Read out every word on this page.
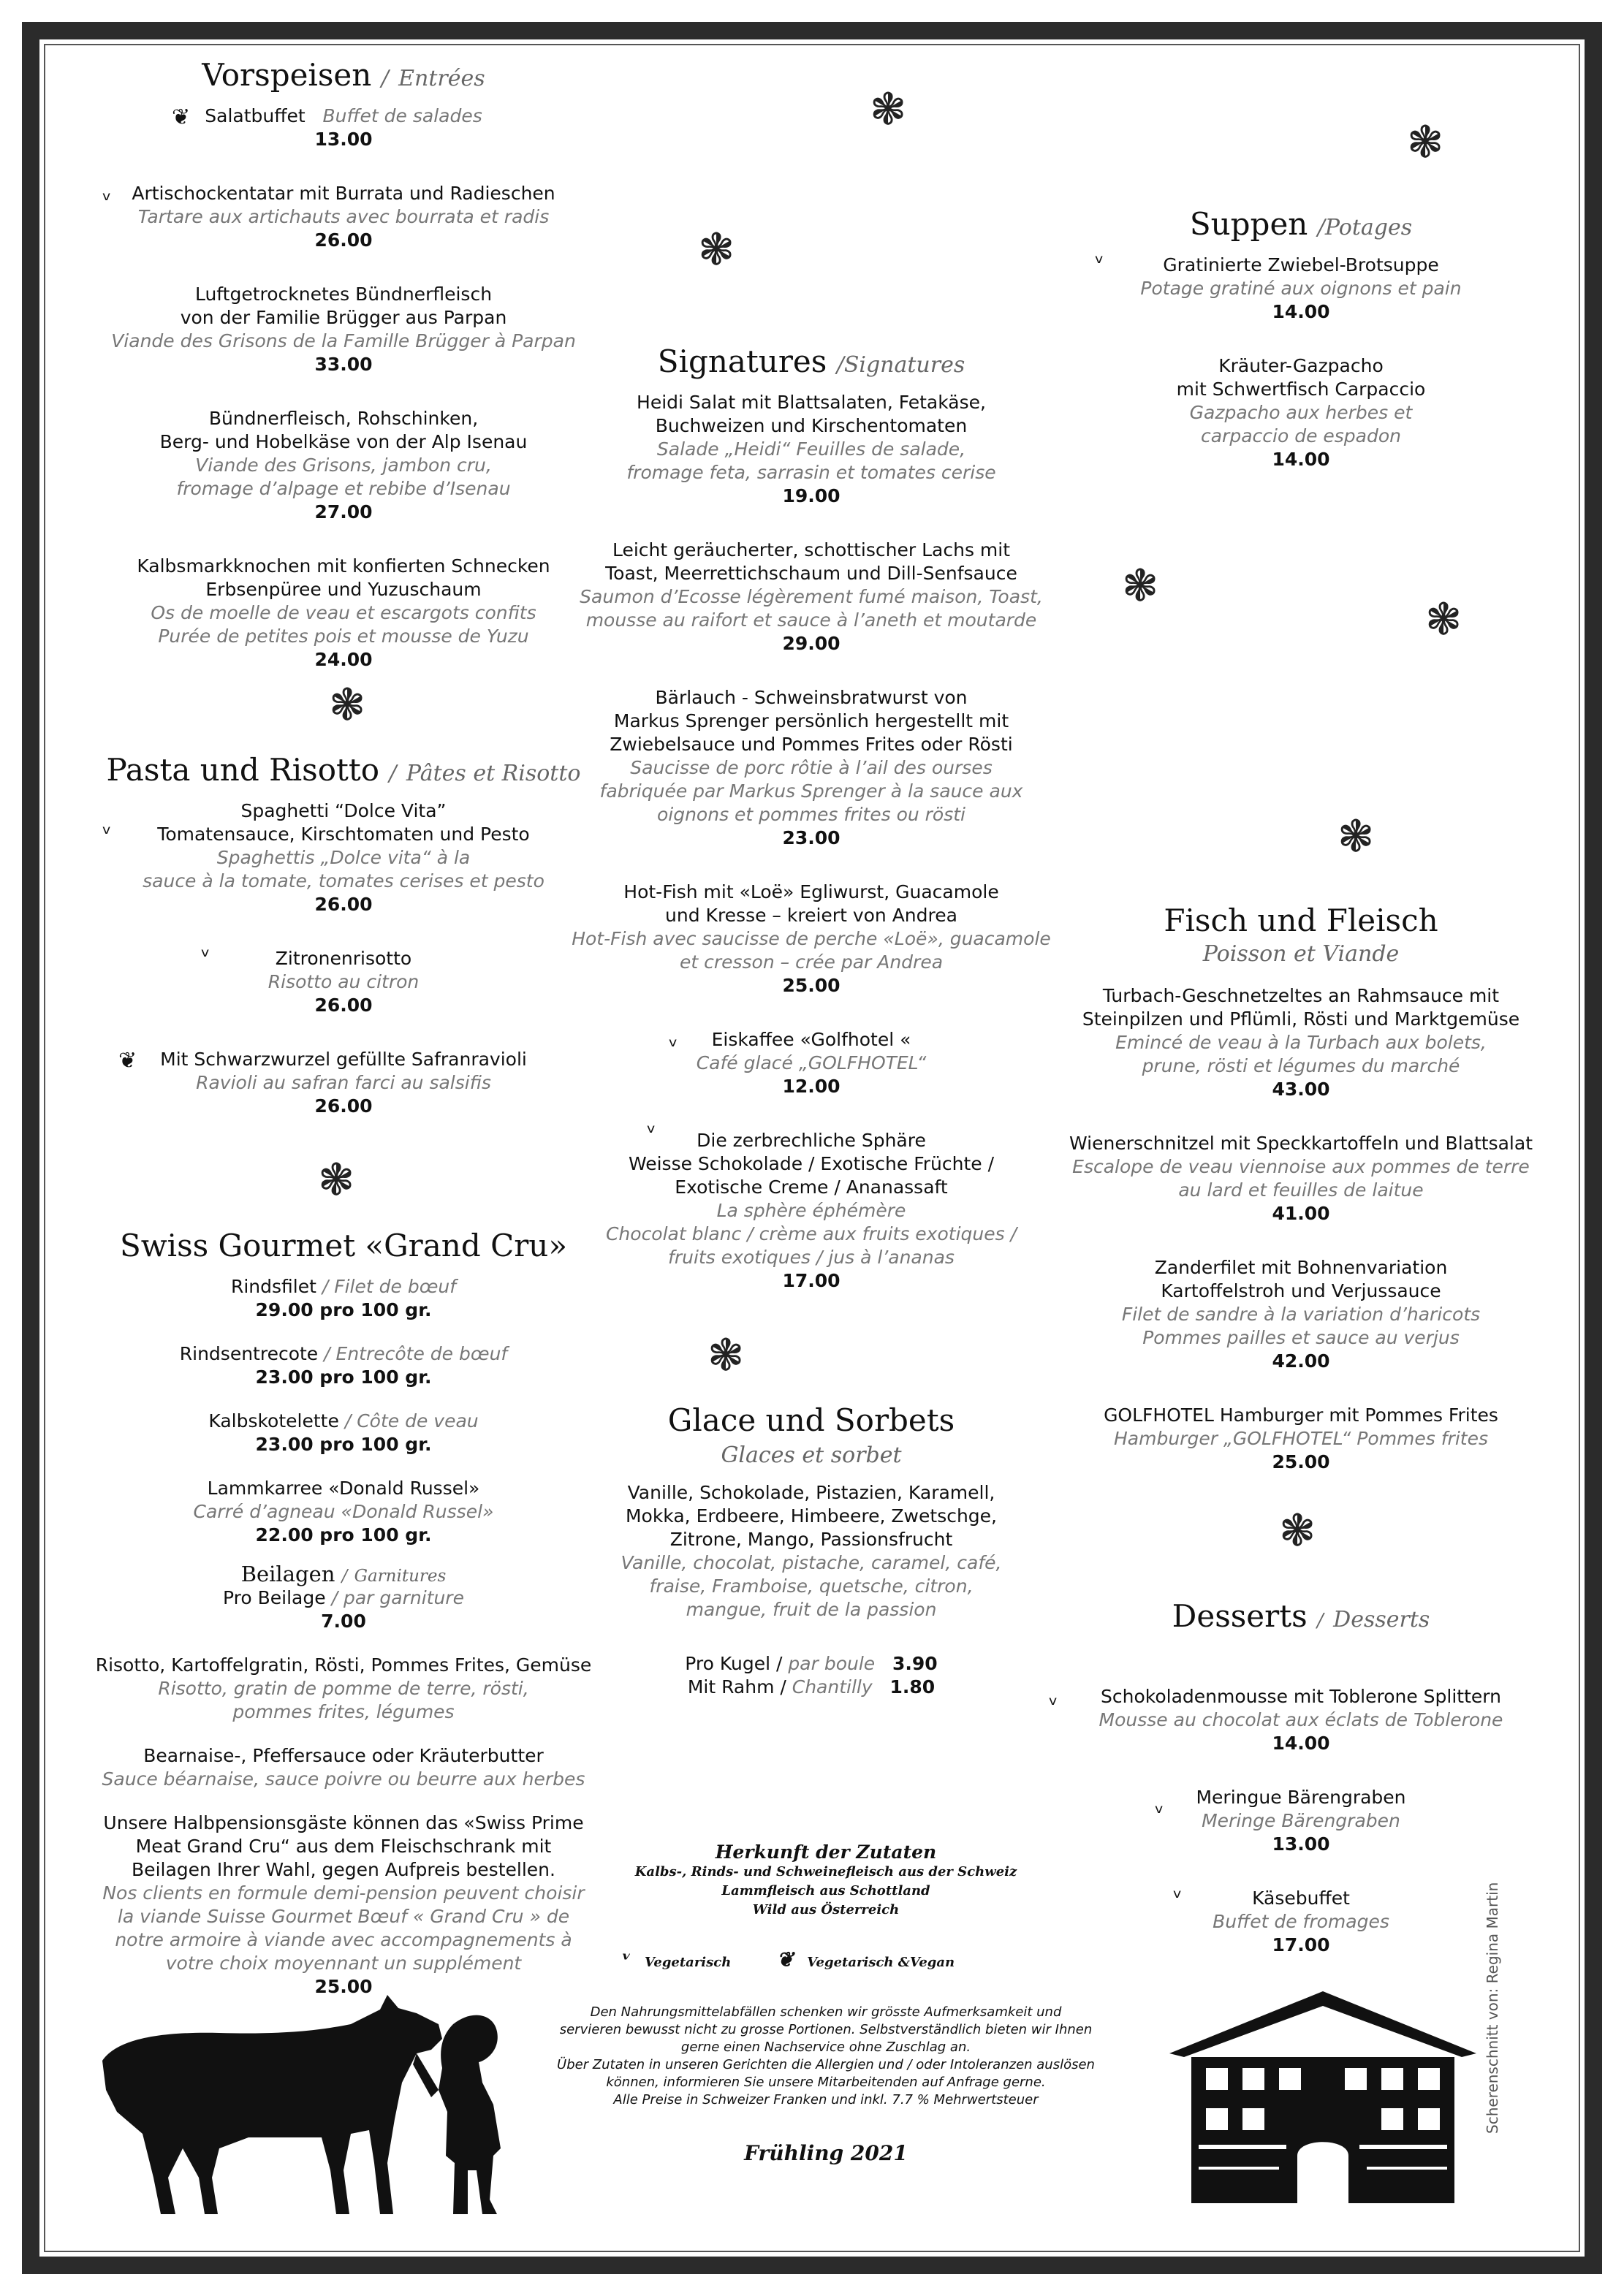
❃
❃
❃
❃
❃
❃
❃
❃
❃
❃
Vorspeisen / Entrées
❦ Salatbuffet Buffet de salades
13.00
ᵛ	Artischockentatar mit Burrata und Radieschen
Tartare aux artichauts avec bourrata et radis
26.00
Luftgetrocknetes Bündnerfleisch
von der Familie Brügger aus Parpan
Viande des Grisons de la Famille Brügger à Parpan
33.00
Bündnerfleisch, Rohschinken,
Berg- und Hobelkäse von der Alp Isenau
Viande des Grisons, jambon cru,
fromage d’alpage et rebibe d’Isenau
27.00
Kalbsmarkknochen mit konfierten Schnecken
Erbsenpüree und Yuzuschaum
Os de moelle de veau et escargots confits
Purée de petites pois et mousse de Yuzu
24.00
Pasta und Risotto / Pâtes et Risotto
ᵛ
Spaghetti “Dolce Vita”
Tomatensauce, Kirschtomaten und Pesto
Spaghettis „Dolce vita“ à la
sauce à la tomate, tomates cerises et pesto
26.00
ᵛ	Zitronenrisotto
Risotto au citron
26.00
❦	Mit Schwarzwurzel gefüllte Safranravioli
Ravioli au safran farci au salsifis
26.00
Swiss Gourmet «Grand Cru»
Rindsfilet / Filet de bœuf
29.00 pro 100 gr.
Rindsentrecote / Entrecôte de bœuf
23.00 pro 100 gr.
Kalbskotelette / Côte de veau
23.00 pro 100 gr.
Lammkarree «Donald Russel»
Carré d’agneau «Donald Russel»
22.00 pro 100 gr.
Beilagen / Garnitures
Pro Beilage / par garniture
7.00
Risotto, Kartoffelgratin, Rösti, Pommes Frites, Gemüse
Risotto, gratin de pomme de terre, rösti,
pommes frites, légumes
Bearnaise-, Pfeffersauce oder Kräuterbutter
Sauce béarnaise, sauce poivre ou beurre aux herbes
Unsere Halbpensionsgäste können das «Swiss Prime
Meat Grand Cru“ aus dem Fleischschrank mit
Beilagen Ihrer Wahl, gegen Aufpreis bestellen.
Nos clients en formule demi-pension peuvent choisir
la viande Suisse Gourmet Bœuf « Grand Cru » de
notre armoire à viande avec accompagnements à
votre choix moyennant un supplément
25.00
Signatures /Signatures
Heidi Salat mit Blattsalaten, Fetakäse,
Buchweizen und Kirschentomaten
Salade „Heidi“ Feuilles de salade,
fromage feta, sarrasin et tomates cerise
19.00
Leicht geräucherter, schottischer Lachs mit
Toast, Meerrettichschaum und Dill-Senfsauce
Saumon d’Ecosse légèrement fumé maison, Toast,
mousse au raifort et sauce à l’aneth et moutarde
29.00
Bärlauch - Schweinsbratwurst von
Markus Sprenger persönlich hergestellt mit
Zwiebelsauce und Pommes Frites oder Rösti
Saucisse de porc rôtie à l’ail des ourses
fabriquée par Markus Sprenger à la sauce aux
oignons et pommes frites ou rösti
23.00
Hot-Fish mit «Loë» Egliwurst, Guacamole
und Kresse – kreiert von Andrea
Hot-Fish avec saucisse de perche «Loë», guacamole
et cresson – crée par Andrea
25.00
ᵛ	Eiskaffee «Golfhotel «
Café glacé „GOLFHOTEL“
12.00
ᵛ	Die zerbrechliche Sphäre
Weisse Schokolade / Exotische Früchte /
Exotische Creme / Ananassaft
La sphère éphémère
Chocolat blanc / crème aux fruits exotiques /
fruits exotiques / jus à l’ananas
17.00
Glace und Sorbets
Glaces et sorbet
Vanille, Schokolade, Pistazien, Karamell,
Mokka, Erdbeere, Himbeere, Zwetschge,
Zitrone, Mango, Passionsfrucht
Vanille, chocolat, pistache, caramel, café,
fraise, Framboise, quetsche, citron,
mangue, fruit de la passion
Pro Kugel / par boule 3.90
Mit Rahm / Chantilly 1.80
Suppen /Potages
ᵛ	Gratinierte Zwiebel-Brotsuppe
Potage gratiné aux oignons et pain
14.00
Kräuter-Gazpacho
mit Schwertfisch Carpaccio
Gazpacho aux herbes et
carpaccio de espadon
14.00
Fisch und Fleisch
Poisson et Viande
Turbach-Geschnetzeltes an Rahmsauce mit
Steinpilzen und Pflümli, Rösti und Marktgemüse
Emincé de veau à la Turbach aux bolets,
prune, rösti et légumes du marché
43.00
Wienerschnitzel mit Speckkartoffeln und Blattsalat
Escalope de veau viennoise aux pommes de terre
au lard et feuilles de laitue
41.00
Zanderfilet mit Bohnenvariation
Kartoffelstroh und Verjussauce
Filet de sandre à la variation d’haricots
Pommes pailles et sauce au verjus
42.00
GOLFHOTEL Hamburger mit Pommes Frites
Hamburger „GOLFHOTEL“ Pommes frites
25.00
Desserts / Desserts
ᵛ	Schokoladenmousse mit Toblerone Splittern
Mousse au chocolat aux éclats de Toblerone
14.00
ᵛ
Meringue Bärengraben
Meringe Bärengraben
13.00
ᵛ	Käsebuffet
Buffet de fromages
17.00
Herkunft der Zutaten
Kalbs-, Rinds- und Schweinefleisch aus der Schweiz
Lammfleisch aus Schottland
Wild aus Österreich
ᵛ Vegetarisch ❦ Vegetarisch &Vegan
Den Nahrungsmittelabfällen schenken wir grösste Aufmerksamkeit und
servieren bewusst nicht zu grosse Portionen. Selbstverständlich bieten wir Ihnen
gerne einen Nachservice ohne Zuschlag an.
Über Zutaten in unseren Gerichten die Allergien und / oder Intoleranzen auslösen
können, informieren Sie unsere Mitarbeitenden auf Anfrage gerne.
Alle Preise in Schweizer Franken und inkl. 7.7 % Mehrwertsteuer
Frühling 2021
Scherenschnitt von: Regina Martin
